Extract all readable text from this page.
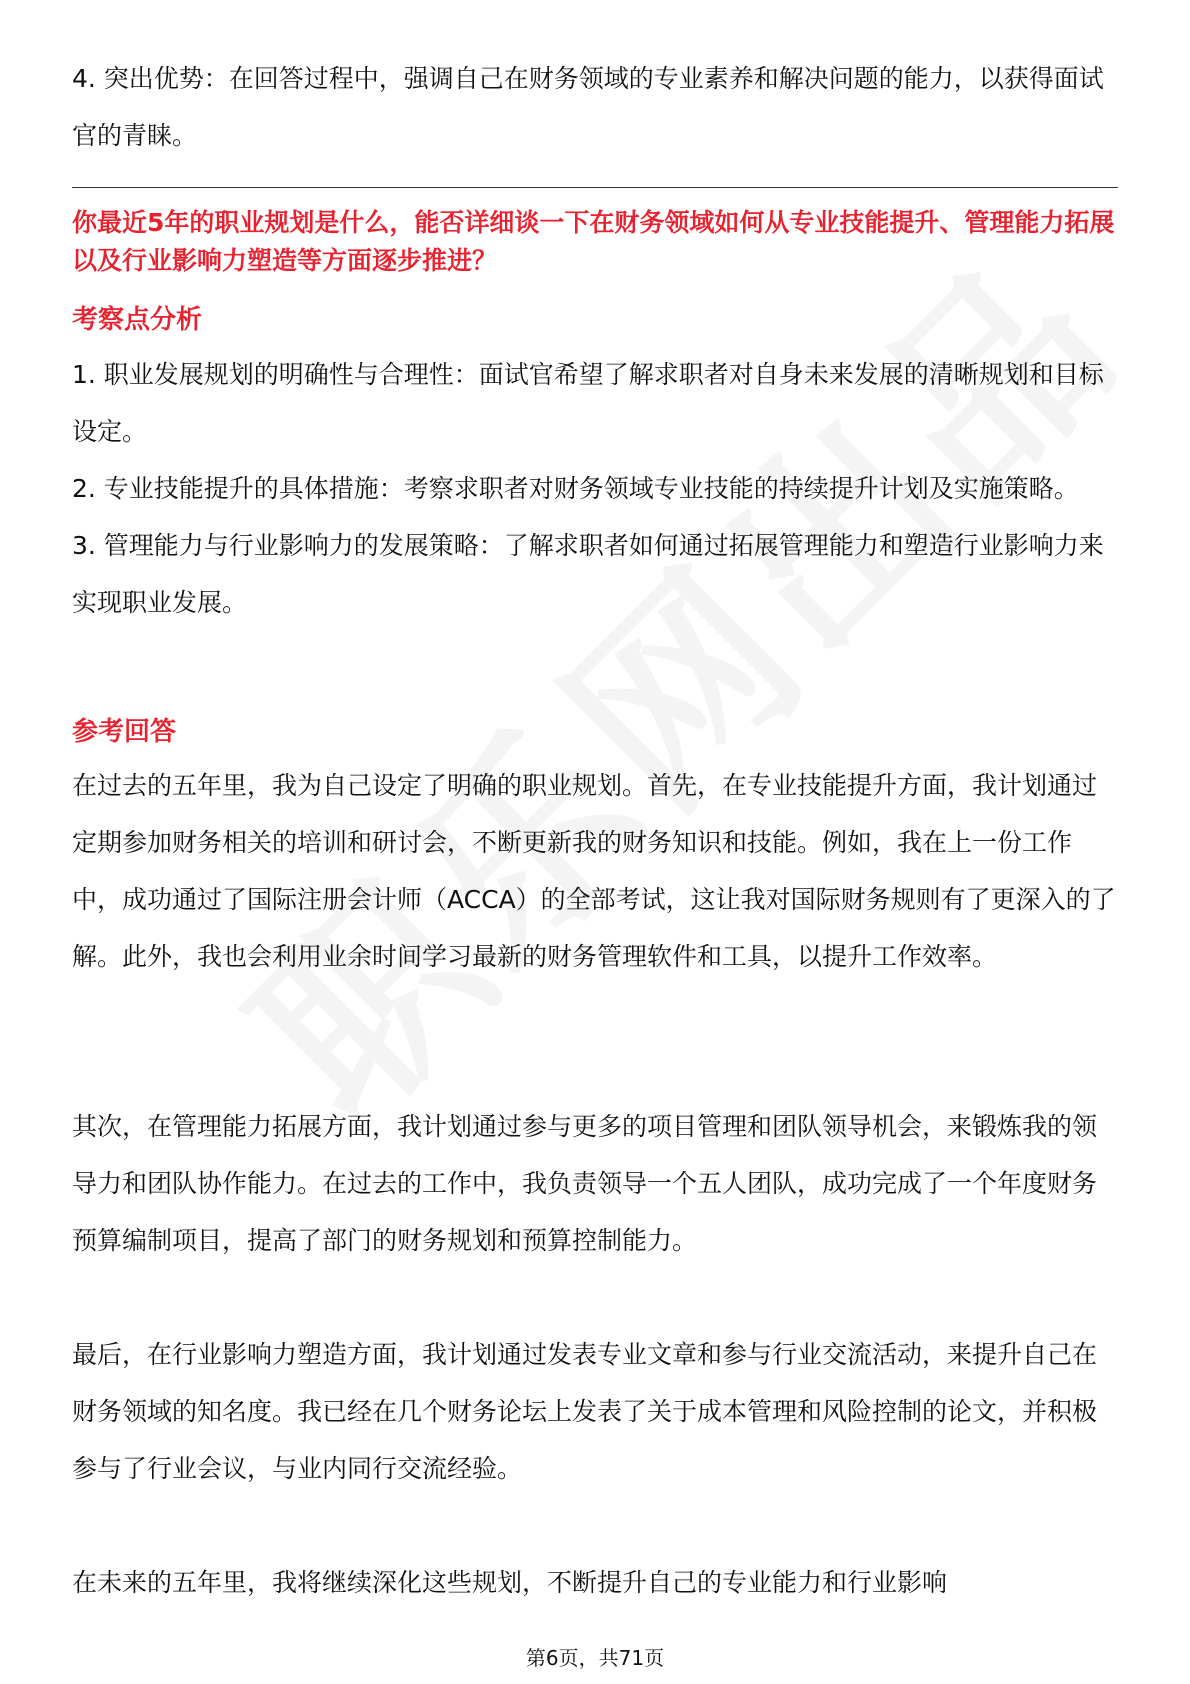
4. 突出优势：在回答过程中，强调自己在财务领域的专业素养和解决问题的能力，以获得面试官的青睐。

你最近5年的职业规划是什么，能否详细谈一下在财务领域如何从专业技能提升、管理能力拓展以及行业影响力塑造等方面逐步推进？

考察点分析

1. 职业发展规划的明确性与合理性：面试官希望了解求职者对自身未来发展的清晰规划和目标设定。

2. 专业技能提升的具体措施：考察求职者对财务领域专业技能的持续提升计划及实施策略。

3. 管理能力与行业影响力的发展策略：了解求职者如何通过拓展管理能力和塑造行业影响力来实现职业发展。

参考回答

在过去的五年里，我为自己设定了明确的职业规划。首先，在专业技能提升方面，我计划通过定期参加财务相关的培训和研讨会，不断更新我的财务知识和技能。例如，我在上一份工作中，成功通过了国际注册会计师（ACCA）的全部考试，这让我对国际财务规则有了更深入的了解。此外，我也会利用业余时间学习最新的财务管理软件和工具，以提升工作效率。

其次，在管理能力拓展方面，我计划通过参与更多的项目管理和团队领导机会，来锻炼我的领导力和团队协作能力。在过去的工作中，我负责领导一个五人团队，成功完成了一个年度财务预算编制项目，提高了部门的财务规划和预算控制能力。

最后，在行业影响力塑造方面，我计划通过发表专业文章和参与行业交流活动，来提升自己在财务领域的知名度。我已经在几个财务论坛上发表了关于成本管理和风险控制的论文，并积极参与了行业会议，与业内同行交流经验。

在未来的五年里，我将继续深化这些规划，不断提升自己的专业能力和行业影响

第6页，共71页
